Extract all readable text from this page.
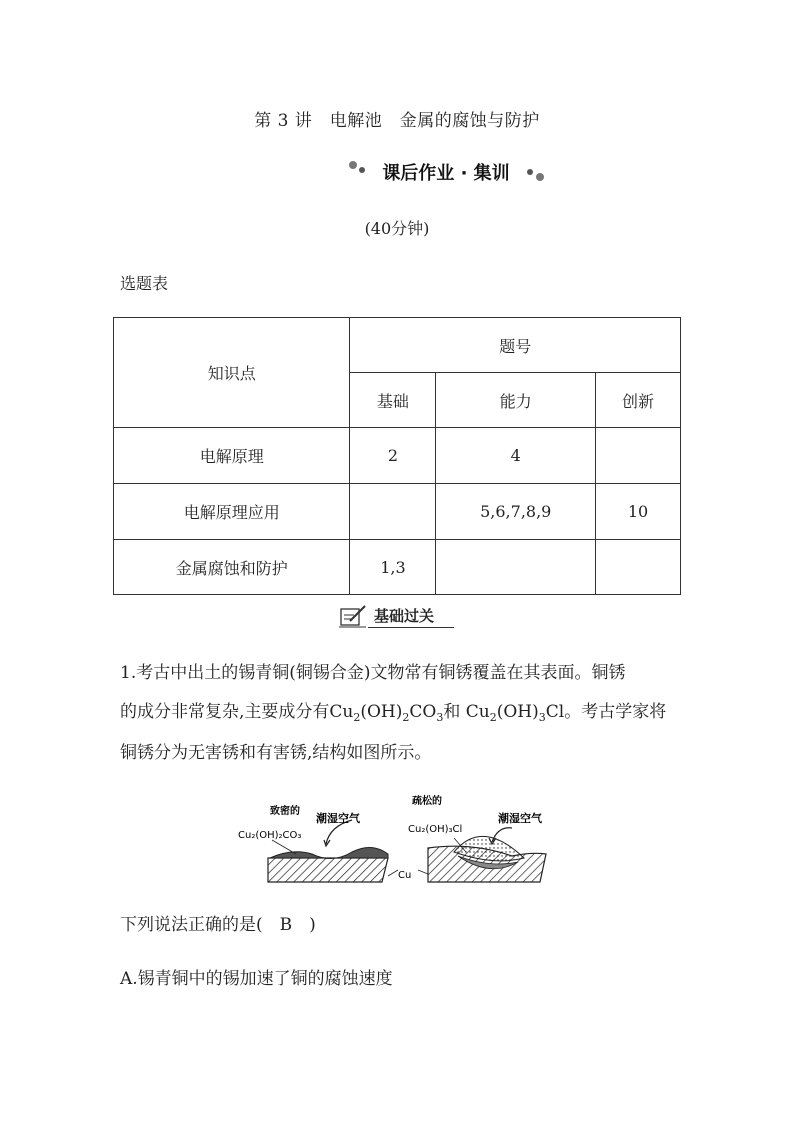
第 3 讲　电解池　金属的腐蚀与防护
课后作业 · 集训
(40分钟)
选题表
知识点	题号		
	基础	能力	创新
电解原理	2	4	
电解原理应用		5,6,7,8,9	10
金属腐蚀和防护	1,3		
基础过关
1.考古中出土的锡青铜(铜锡合金)文物常有铜锈覆盖在其表面。铜锈
的成分非常复杂,主要成分有$Cu_2(OH)_2CO_3$和 $Cu_2(OH)_3Cl$。考古学家将
铜锈分为无害锈和有害锈,结构如图所示。
致密的
Cu₂(OH)₂CO₃
潮湿空气
疏松的
Cu₂(OH)₃Cl
潮湿空气
Cu
下列说法正确的是(　B　)
A.锡青铜中的锡加速了铜的腐蚀速度
